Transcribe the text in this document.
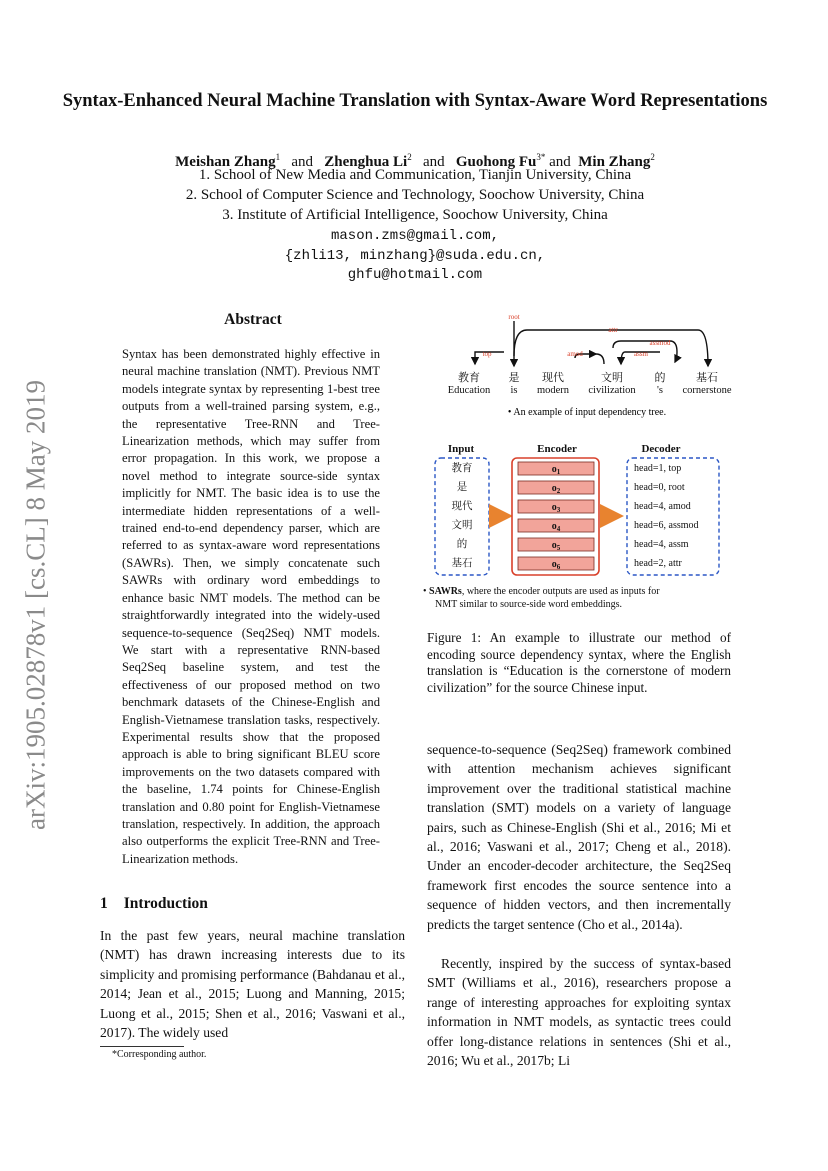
Syntax-Enhanced Neural Machine Translation with Syntax-Aware Word Representations
Meishan Zhang$^1$ and Zhenghua Li$^2$ and Guohong $Fu^{3*}$ and Min Zhang$^2$
1. School of New Media and Communication, Tianjin University, China
2. School of Computer Science and Technology, Soochow University, China
3. Institute of Artificial Intelligence, Soochow University, China
mason.zms@gmail.com,
{zhli13, minzhang}@suda.edu.cn,
ghfu@hotmail.com
arXiv:1905.02878v1 [cs.CL] 8 May 2019
Abstract
Syntax has been demonstrated highly effective in neural machine translation (NMT). Previous NMT models integrate syntax by representing 1-best tree outputs from a well-trained parsing system, e.g., the representative Tree-RNN and Tree-Linearization methods, which may suffer from error propagation. In this work, we propose a novel method to integrate source-side syntax implicitly for NMT. The basic idea is to use the intermediate hidden representations of a well-trained end-to-end dependency parser, which are referred to as syntax-aware word representations (SAWRs). Then, we simply concatenate such SAWRs with ordinary word embeddings to enhance basic NMT models. The method can be straightforwardly integrated into the widely-used sequence-to-sequence (Seq2Seq) NMT models. We start with a representative RNN-based Seq2Seq baseline system, and test the effectiveness of our proposed method on two benchmark datasets of the Chinese-English and English-Vietnamese translation tasks, respectively. Experimental results show that the proposed approach is able to bring significant BLEU score improvements on the two datasets compared with the baseline, 1.74 points for Chinese-English translation and 0.80 point for English-Vietnamese translation, respectively. In addition, the approach also outperforms the explicit Tree-RNN and Tree-Linearization methods.
1 Introduction
In the past few years, neural machine translation (NMT) has drawn increasing interests due to its simplicity and promising performance (Bahdanau et al., 2014; Jean et al., 2015; Luong and Manning, 2015; Luong et al., 2015; Shen et al., 2016; Vaswani et al., 2017). The widely used
*Corresponding author.
root
attr
assmod
top	amod	assm
教育	是 现代	文明	的	基石
Education is modern civilization 's cornerstone
• An example of input dependency tree.
Input	Encoder	Decoder
教育
是
现代
文明
的
基石
$o_1$
$o_2$
$o_3$
$o_4$
$o_5$
$o_6$
head=1, top
head=0, root
head=4, amod
head=6, assmod
head=4, assm
head=2, attr
• SAWRs, where the encoder outputs are used as inputs for
NMT similar to source-side word embeddings.
Figure 1: An example to illustrate our method of encoding source dependency syntax, where the English translation is “Education is the cornerstone of modern civilization” for the source Chinese input.

sequence-to-sequence (Seq2Seq) framework combined with attention mechanism achieves significant improvement over the traditional statistical machine translation (SMT) models on a variety of language pairs, such as Chinese-English (Shi et al., 2016; Mi et al., 2016; Vaswani et al., 2017; Cheng et al., 2018). Under an encoder-decoder architecture, the Seq2Seq framework first encodes the source sentence into a sequence of hidden vectors, and then incrementally predicts the target sentence (Cho et al., 2014a).

Recently, inspired by the success of syntax-based SMT (Williams et al., 2016), researchers propose a range of interesting approaches for exploiting syntax information in NMT models, as syntactic trees could offer long-distance relations in sentences (Shi et al., 2016; Wu et al., 2017b; Li
